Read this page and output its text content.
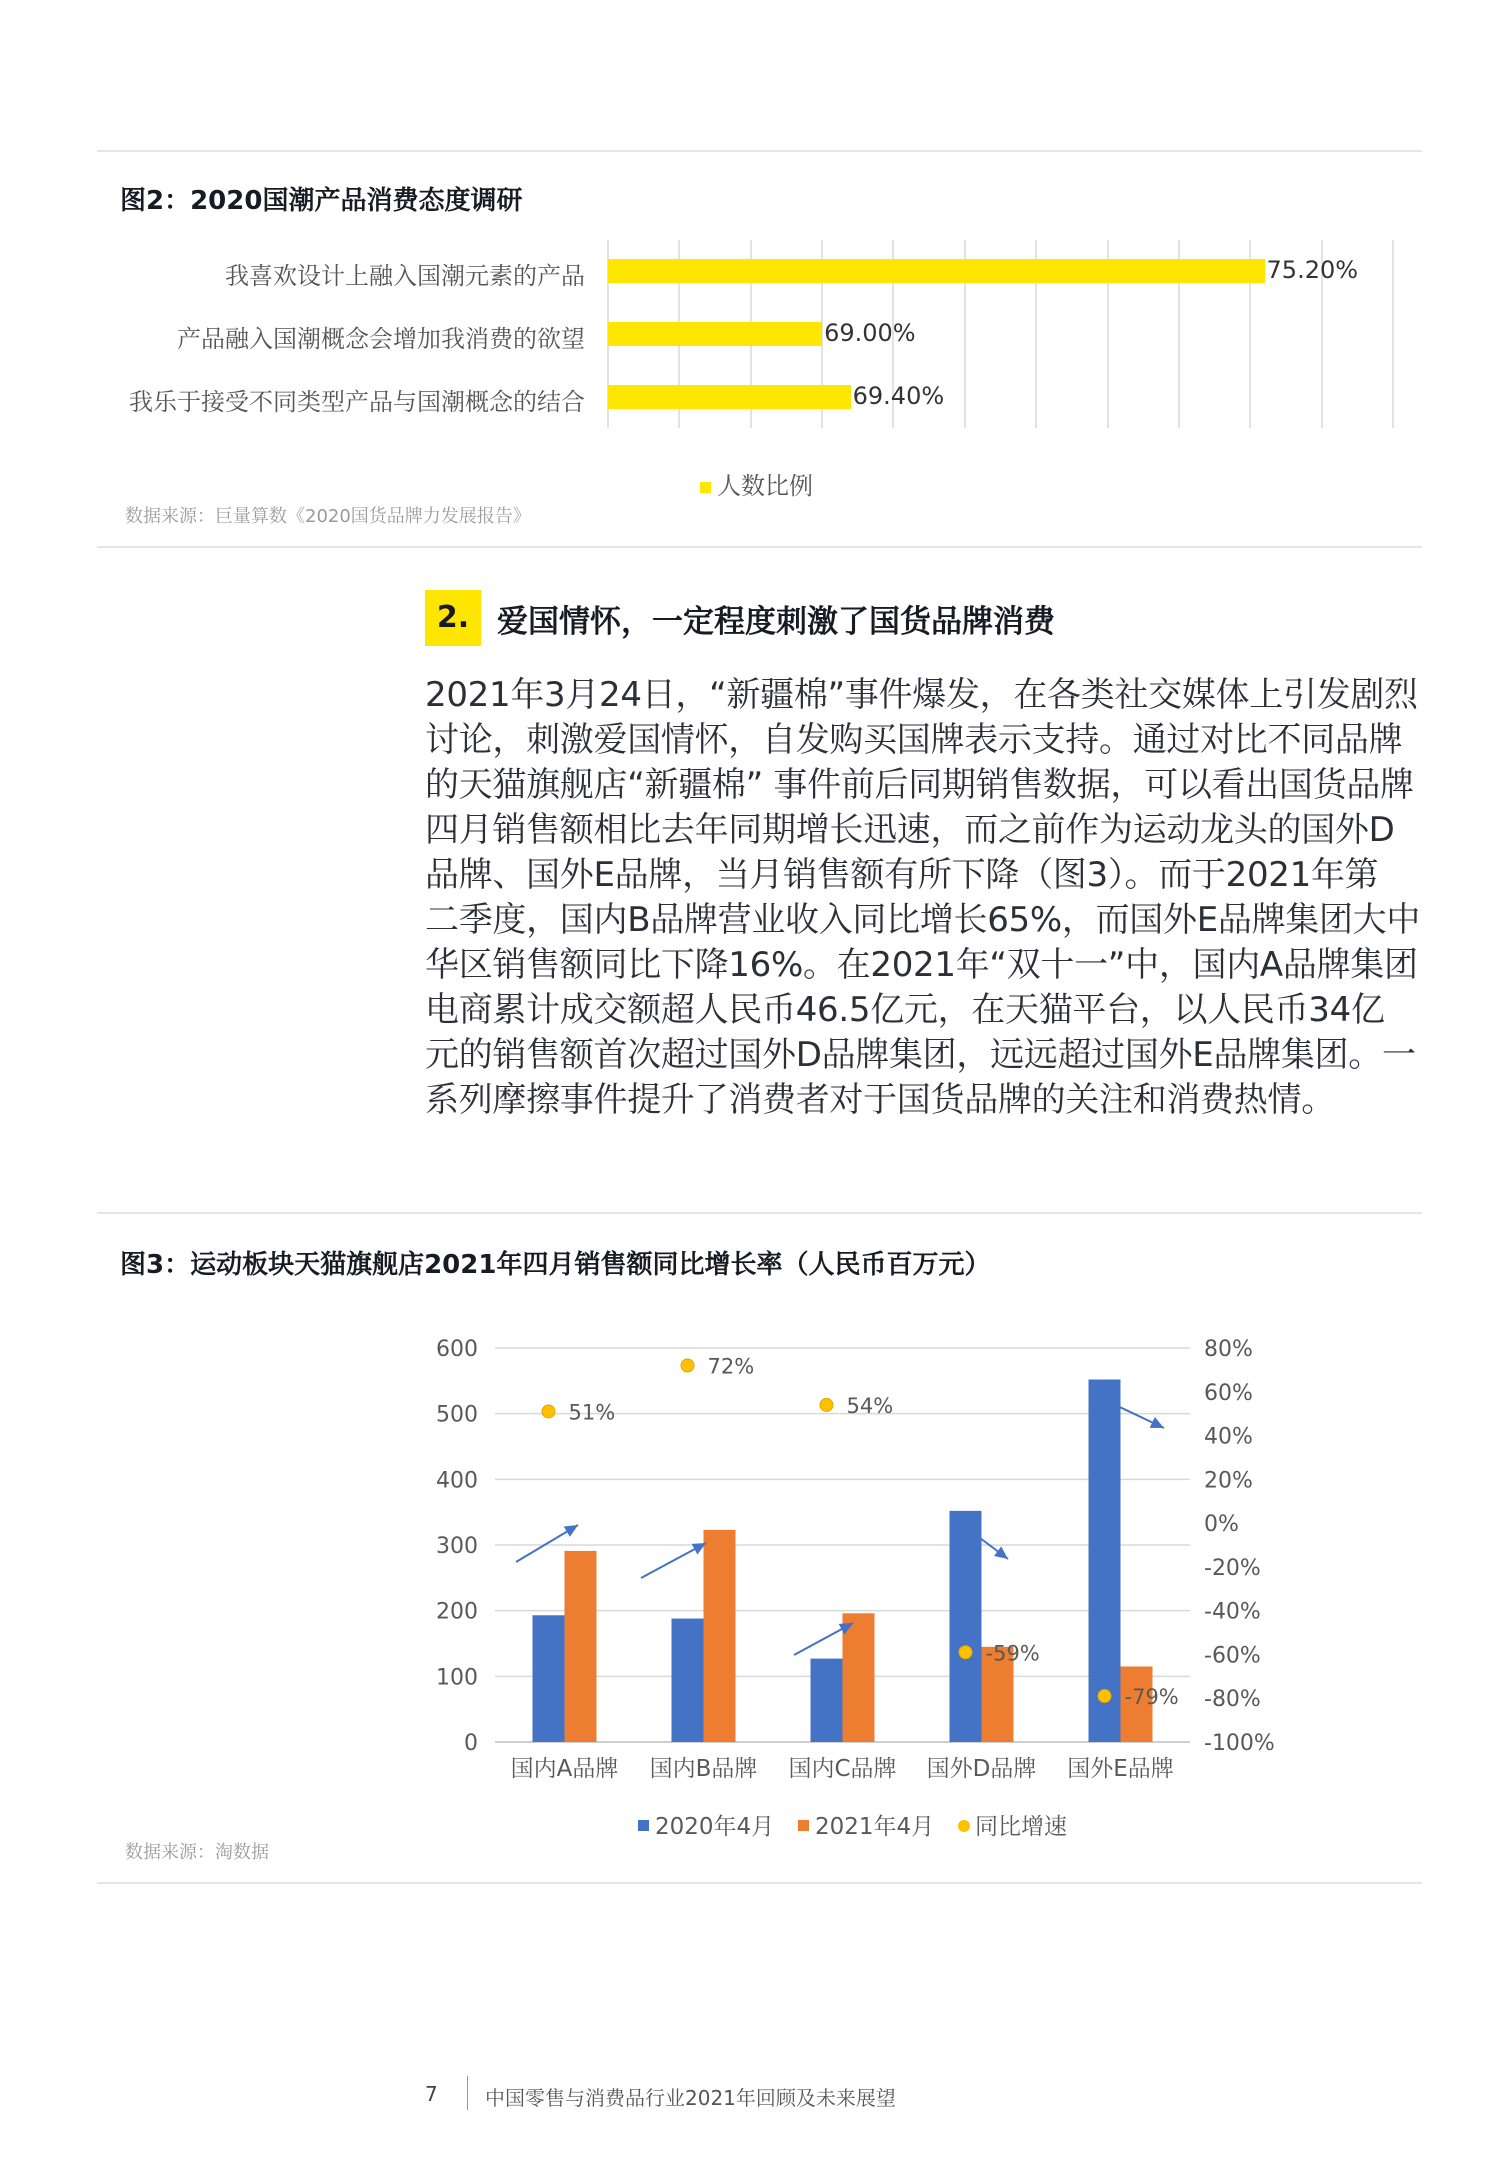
图2：2020国潮产品消费态度调研
我喜欢设计上融入国潮元素的产品	75.20%
产品融入国潮概念会增加我消费的欲望	69.00%
我乐于接受不同类型产品与国潮概念的结合	69.40%
人数比例
数据来源：巨量算数《2020国货品牌力发展报告》
2. 爱国情怀，一定程度刺激了国货品牌消费
2021年3月24日，“新疆棉”事件爆发，在各类社交媒体上引发剧烈
讨论，刺激爱国情怀，自发购买国牌表示支持。通过对比不同品牌
的天猫旗舰店“新疆棉” 事件前后同期销售数据，可以看出国货品牌
四月销售额相比去年同期增长迅速，而之前作为运动龙头的国外D
品牌、国外E品牌，当月销售额有所下降（图3）。而于2021年第
二季度，国内B品牌营业收入同比增长65%，而国外E品牌集团大中
华区销售额同比下降16%。在2021年“双十一”中，国内A品牌集团
电商累计成交额超人民币46.5亿元，在天猫平台，以人民币34亿
元的销售额首次超过国外D品牌集团，远远超过国外E品牌集团。一
系列摩擦事件提升了消费者对于国货品牌的关注和消费热情。
图3：运动板块天猫旗舰店2021年四月销售额同比增长率（人民币百万元）
0
100
200
300
400
500
600	80%
60%
40%
20%
0%
-20%
-40%
-60%
-80%
-100%
国内A品牌
51%
国内B品牌
72%
国内C品牌
54%
国外D品牌
-59%
国外E品牌
-79%
2020年4月 2021年4月 同比增速
数据来源：淘数据
7 中国零售与消费品行业2021年回顾及未来展望
